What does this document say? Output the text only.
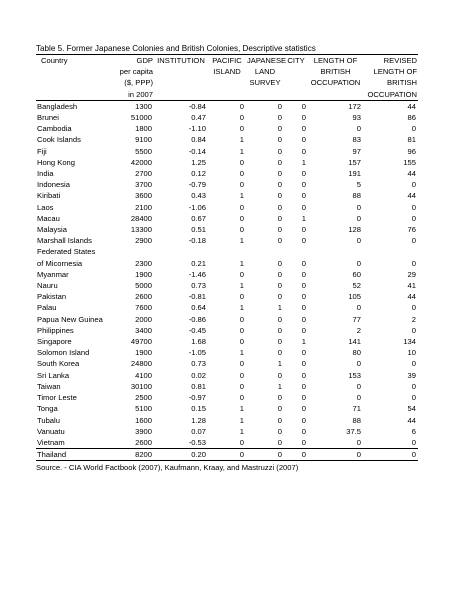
Table 5. Former Japanese Colonies and British Colonies, Descriptive statistics
Country	GDP	INSTITUTION	PACIFIC	JAPANESE	CITY	LENGTH OF	REVISED
	per capita		ISLAND	LAND		BRITISH	LENGTH OF
	($, PPP)			SURVEY		OCCUPATION	BRITISH
	in 2007						OCCUPATION
Bangladesh	1300	-0.84	0	0	0	172	44
Brunei	51000	0.47	0	0	0	93	86
Cambodia	1800	-1.10	0	0	0	0	0
Cook Islands	9100	0.84	1	0	0	83	81
Fiji	5500	-0.14	1	0	0	97	96
Hong Kong	42000	1.25	0	0	1	157	155
India	2700	0.12	0	0	0	191	44
Indonesia	3700	-0.79	0	0	0	5	0
Kiribati	3600	0.43	1	0	0	88	44
Laos	2100	-1.06	0	0	0	0	0
Macau	28400	0.67	0	0	1	0	0
Malaysia	13300	0.51	0	0	0	128	76
Marshall Islands	2900	-0.18	1	0	0	0	0
Federated States							
of Micornesia	2300	0.21	1	0	0	0	0
Myanmar	1900	-1.46	0	0	0	60	29
Nauru	5000	0.73	1	0	0	52	41
Pakistan	2600	-0.81	0	0	0	105	44
Palau	7600	0.64	1	1	0	0	0
Papua New Guinea	2000	-0.86	0	0	0	77	2
Philippines	3400	-0.45	0	0	0	2	0
Singapore	49700	1.68	0	0	1	141	134
Solomon Island	1900	-1.05	1	0	0	80	10
South Korea	24800	0.73	0	1	0	0	0
Sri Lanka	4100	0.02	0	0	0	153	39
Taiwan	30100	0.81	0	1	0	0	0
Timor Leste	2500	-0.97	0	0	0	0	0
Tonga	5100	0.15	1	0	0	71	54
Tubalu	1600	1.28	1	0	0	88	44
Vanuatu	3900	0.07	1	0	0	37.5	6
Vietnam	2600	-0.53	0	0	0	0	0
Thailand	8200	0.20	0	0	0	0	0
Source. - CIA World Factbook (2007), Kaufmann, Kraay, and Mastruzzi (2007)
